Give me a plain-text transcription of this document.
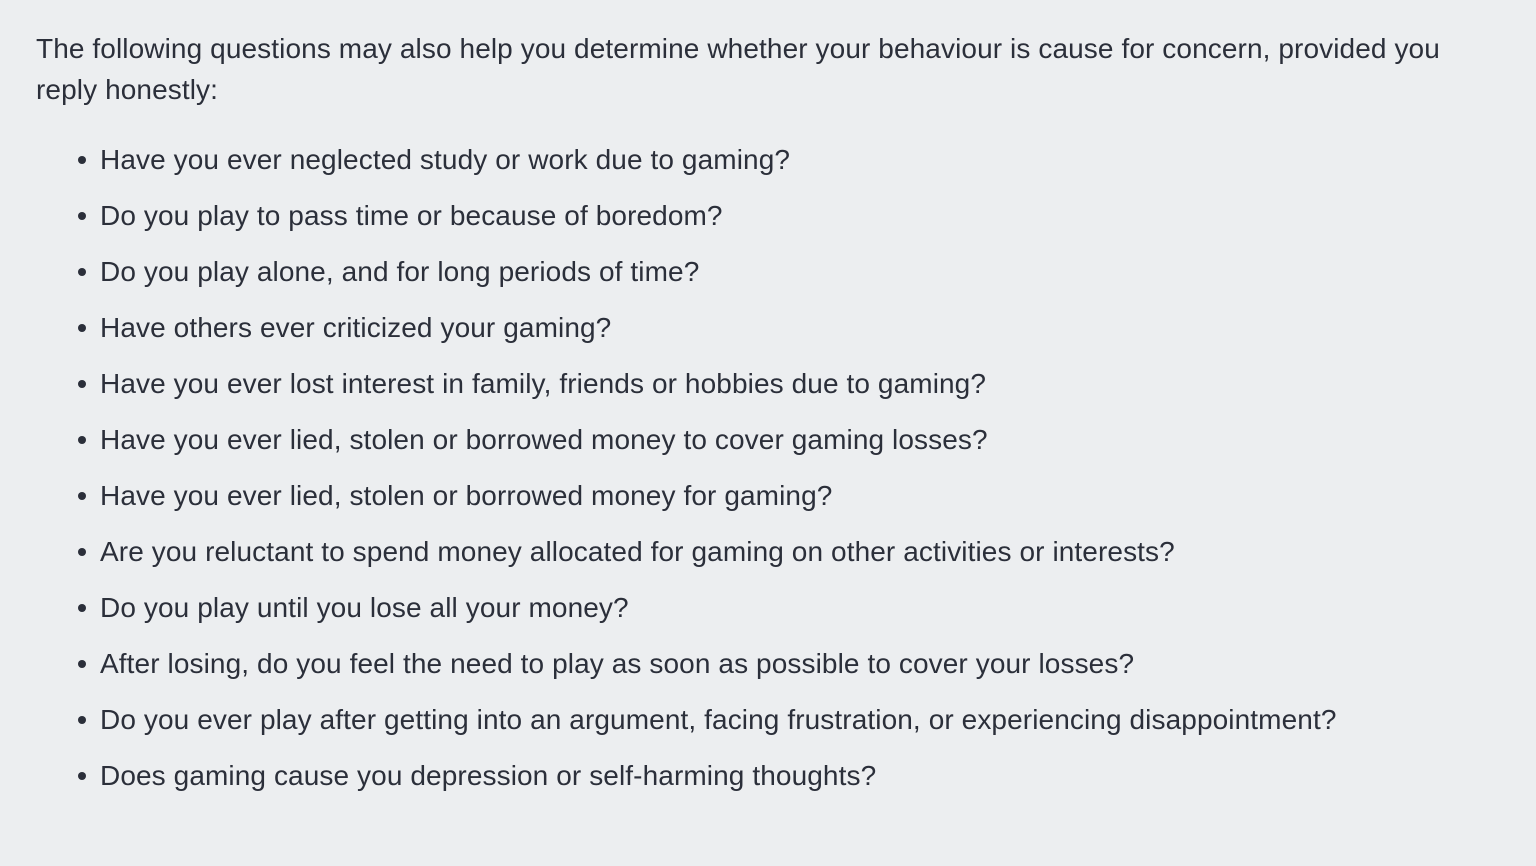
The following questions may also help you determine whether your behaviour is cause for concern, provided you reply honestly:

Have you ever neglected study or work due to gaming?
Do you play to pass time or because of boredom?
Do you play alone, and for long periods of time?
Have others ever criticized your gaming?
Have you ever lost interest in family, friends or hobbies due to gaming?
Have you ever lied, stolen or borrowed money to cover gaming losses?
Have you ever lied, stolen or borrowed money for gaming?
Are you reluctant to spend money allocated for gaming on other activities or interests?
Do you play until you lose all your money?
After losing, do you feel the need to play as soon as possible to cover your losses?
Do you ever play after getting into an argument, facing frustration, or experiencing disappointment?
Does gaming cause you depression or self-harming thoughts?
